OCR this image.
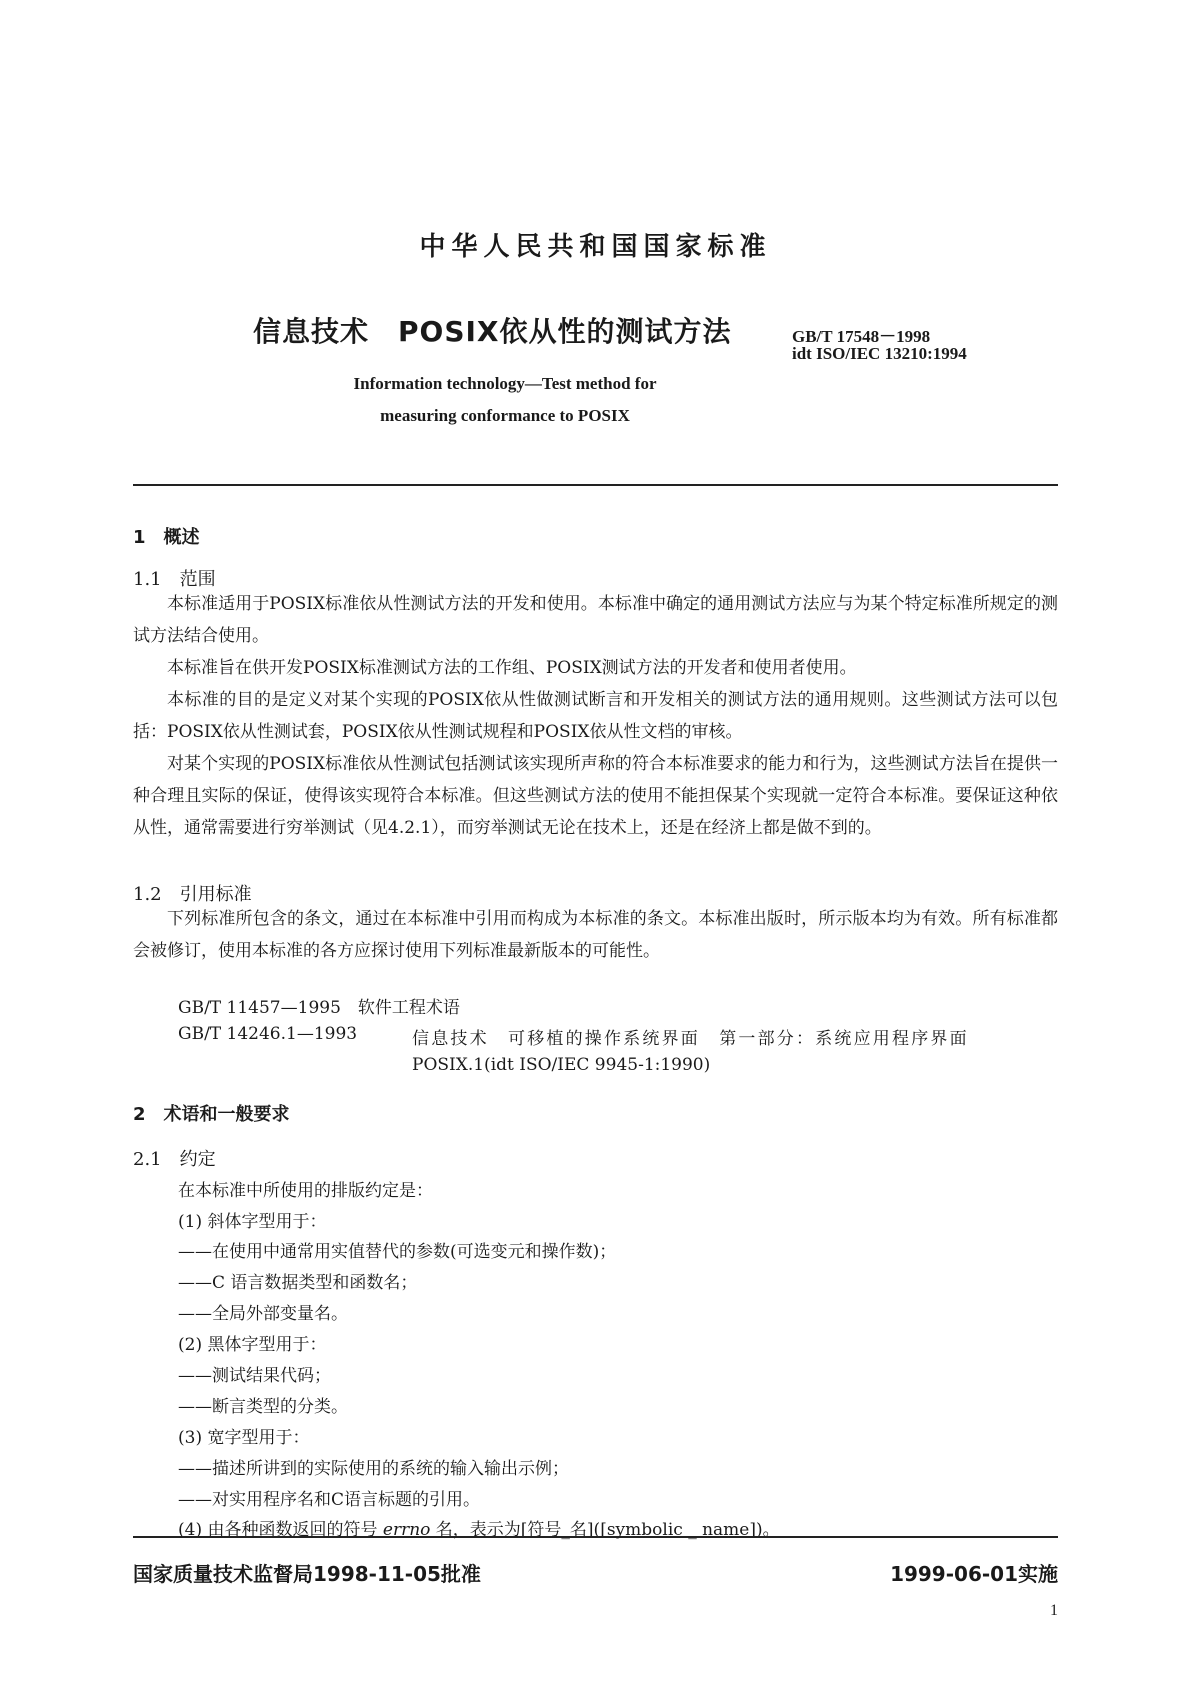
中华人民共和国国家标准
信息技术　POSIX依从性的测试方法	GB/T 17548－1998
idt ISO/IEC 13210:1994
Information technology—Test method for
measuring conformance to POSIX
1　概述
1.1　范围
本标准适用于POSIX标准依从性测试方法的开发和使用。本标准中确定的通用测试方法应与为某个特定标准所规定的测试方法结合使用。
本标准旨在供开发POSIX标准测试方法的工作组、POSIX测试方法的开发者和使用者使用。
本标准的目的是定义对某个实现的POSIX依从性做测试断言和开发相关的测试方法的通用规则。这些测试方法可以包括：POSIX依从性测试套，POSIX依从性测试规程和POSIX依从性文档的审核。
对某个实现的POSIX标准依从性测试包括测试该实现所声称的符合本标准要求的能力和行为，这些测试方法旨在提供一种合理且实际的保证，使得该实现符合本标准。但这些测试方法的使用不能担保某个实现就一定符合本标准。要保证这种依从性，通常需要进行穷举测试（见4.2.1），而穷举测试无论在技术上，还是在经济上都是做不到的。
1.2　引用标准
下列标准所包含的条文，通过在本标准中引用而构成为本标准的条文。本标准出版时，所示版本均为有效。所有标准都会被修订，使用本标准的各方应探讨使用下列标准最新版本的可能性。
GB/T 11457—1995　软件工程术语
GB/T 14246.1—1993	信息技术　可移植的操作系统界面　第一部分：系统应用程序界面
POSIX.1(idt ISO/IEC 9945-1:1990)
2　术语和一般要求
2.1　约定
在本标准中所使用的排版约定是：
(1) 斜体字型用于：
——在使用中通常用实值替代的参数(可选变元和操作数)；
——C 语言数据类型和函数名；
——全局外部变量名。
(2) 黑体字型用于：
——测试结果代码；
——断言类型的分类。
(3) 宽字型用于：
——描述所讲到的实际使用的系统的输入输出示例；
——对实用程序名和C语言标题的引用。
(4) 由各种函数返回的符号 errno 名，表示为[符号_名]([symbolic _ name])。
国家质量技术监督局1998-11-05批准	1999-06-01实施
1
